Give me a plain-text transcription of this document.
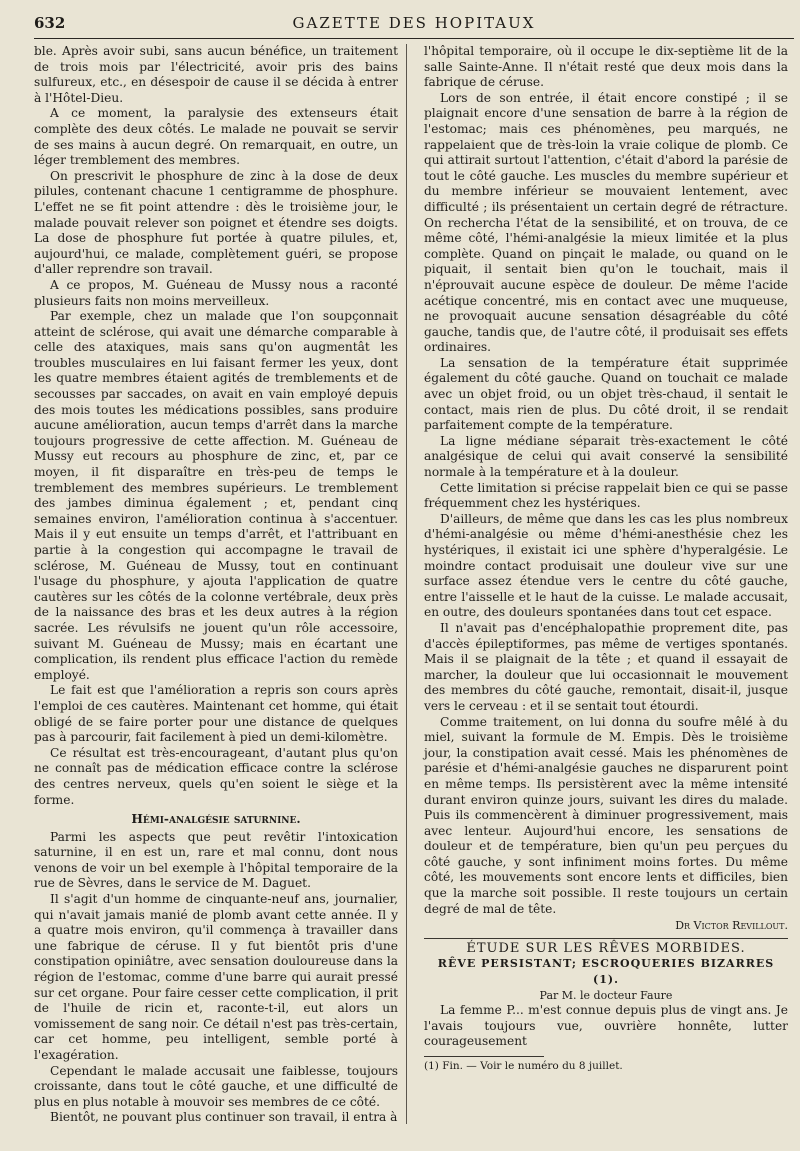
632	GAZETTE DES HOPITAUX

ble. Après avoir subi, sans aucun bénéfice, un traitement de trois mois par l'électricité, avoir pris des bains sulfureux, etc., en désespoir de cause il se décida à entrer à l'Hôtel-Dieu.

A ce moment, la paralysie des extenseurs était complète des deux côtés. Le malade ne pouvait se servir de ses mains à aucun degré. On remarquait, en outre, un léger tremblement des membres.

On prescrivit le phosphure de zinc à la dose de deux pilules, contenant chacune 1 centigramme de phosphure. L'effet ne se fit point attendre : dès le troisième jour, le malade pouvait relever son poignet et étendre ses doigts. La dose de phosphure fut portée à quatre pilules, et, aujourd'hui, ce malade, complètement guéri, se propose d'aller reprendre son travail.

A ce propos, M. Guéneau de Mussy nous a raconté plusieurs faits non moins merveilleux.

Par exemple, chez un malade que l'on soupçonnait atteint de sclérose, qui avait une démarche comparable à celle des ataxiques, mais sans qu'on augmentât les troubles musculaires en lui faisant fermer les yeux, dont les quatre membres étaient agités de tremblements et de secousses par saccades, on avait en vain employé depuis des mois toutes les médications possibles, sans produire aucune amélioration, aucun temps d'arrêt dans la marche toujours progressive de cette affection. M. Guéneau de Mussy eut recours au phosphure de zinc, et, par ce moyen, il fit disparaître en très-peu de temps le tremblement des membres supérieurs. Le tremblement des jambes diminua également ; et, pendant cinq semaines environ, l'amélioration continua à s'accentuer. Mais il y eut ensuite un temps d'arrêt, et l'attribuant en partie à la congestion qui accompagne le travail de sclérose, M. Guéneau de Mussy, tout en continuant l'usage du phosphure, y ajouta l'application de quatre cautères sur les côtés de la colonne vertébrale, deux près de la naissance des bras et les deux autres à la région sacrée. Les révulsifs ne jouent qu'un rôle accessoire, suivant M. Guéneau de Mussy; mais en écartant une complication, ils rendent plus efficace l'action du remède employé.

Le fait est que l'amélioration a repris son cours après l'emploi de ces cautères. Maintenant cet homme, qui était obligé de se faire porter pour une distance de quelques pas à parcourir, fait facilement à pied un demi-kilomètre.

Ce résultat est très-encourageant, d'autant plus qu'on ne connaît pas de médication efficace contre la sclérose des centres nerveux, quels qu'en soient le siège et la forme.

Hémi-analgésie saturnine.

Parmi les aspects que peut revêtir l'intoxication saturnine, il en est un, rare et mal connu, dont nous venons de voir un bel exemple à l'hôpital temporaire de la rue de Sèvres, dans le service de M. Daguet.

Il s'agit d'un homme de cinquante-neuf ans, journalier, qui n'avait jamais manié de plomb avant cette année. Il y a quatre mois environ, qu'il commença à travailler dans une fabrique de céruse. Il y fut bientôt pris d'une constipation opiniâtre, avec sensation douloureuse dans la région de l'estomac, comme d'une barre qui aurait pressé sur cet organe. Pour faire cesser cette complication, il prit de l'huile de ricin et, raconte-t-il, eut alors un vomissement de sang noir. Ce détail n'est pas très-certain, car cet homme, peu intelligent, semble porté à l'exagération.

Cependant le malade accusait une faiblesse, toujours croissante, dans tout le côté gauche, et une difficulté de plus en plus notable à mouvoir ses membres de ce côté.

Bientôt, ne pouvant plus continuer son travail, il entra à

l'hôpital temporaire, où il occupe le dix-septième lit de la salle Sainte-Anne. Il n'était resté que deux mois dans la fabrique de céruse.

Lors de son entrée, il était encore constipé ; il se plaignait encore d'une sensation de barre à la région de l'estomac; mais ces phénomènes, peu marqués, ne rappelaient que de très-loin la vraie colique de plomb. Ce qui attirait surtout l'attention, c'était d'abord la parésie de tout le côté gauche. Les muscles du membre supérieur et du membre inférieur se mouvaient lentement, avec difficulté ; ils présentaient un certain degré de rétracture. On rechercha l'état de la sensibilité, et on trouva, de ce même côté, l'hémi-analgésie la mieux limitée et la plus complète. Quand on pinçait le malade, ou quand on le piquait, il sentait bien qu'on le touchait, mais il n'éprouvait aucune espèce de douleur. De même l'acide acétique concentré, mis en contact avec une muqueuse, ne provoquait aucune sensation désagréable du côté gauche, tandis que, de l'autre côté, il produisait ses effets ordinaires.

La sensation de la température était supprimée également du côté gauche. Quand on touchait ce malade avec un objet froid, ou un objet très-chaud, il sentait le contact, mais rien de plus. Du côté droit, il se rendait parfaitement compte de la température.

La ligne médiane séparait très-exactement le côté analgésique de celui qui avait conservé la sensibilité normale à la température et à la douleur.

Cette limitation si précise rappelait bien ce qui se passe fréquemment chez les hystériques.

D'ailleurs, de même que dans les cas les plus nombreux d'hémi-analgésie ou même d'hémi-anesthésie chez les hystériques, il existait ici une sphère d'hyperalgésie. Le moindre contact produisait une douleur vive sur une surface assez étendue vers le centre du côté gauche, entre l'aisselle et le haut de la cuisse. Le malade accusait, en outre, des douleurs spontanées dans tout cet espace.

Il n'avait pas d'encéphalopathie proprement dite, pas d'accès épileptiformes, pas même de vertiges spontanés. Mais il se plaignait de la tête ; et quand il essayait de marcher, la douleur que lui occasionnait le mouvement des membres du côté gauche, remontait, disait-il, jusque vers le cerveau : et il se sentait tout étourdi.

Comme traitement, on lui donna du soufre mêlé à du miel, suivant la formule de M. Empis. Dès le troisième jour, la constipation avait cessé. Mais les phénomènes de parésie et d'hémi-analgésie gauches ne disparurent point en même temps. Ils persistèrent avec la même intensité durant environ quinze jours, suivant les dires du malade. Puis ils commencèrent à diminuer progressivement, mais avec lenteur. Aujourd'hui encore, les sensations de douleur et de température, bien qu'un peu perçues du côté gauche, y sont infiniment moins fortes. Du même côté, les mouvements sont encore lents et difficiles, bien que la marche soit possible. Il reste toujours un certain degré de mal de tête.

Dr Victor Revillout.
ÉTUDE SUR LES RÊVES MORBIDES.
RÊVE PERSISTANT; ESCROQUERIES BIZARRES (1).
Par M. le docteur Faure

La femme P... m'est connue depuis plus de vingt ans. Je l'avais toujours vue, ouvrière honnête, lutter courageusement

(1) Fin. — Voir le numéro du 8 juillet.
